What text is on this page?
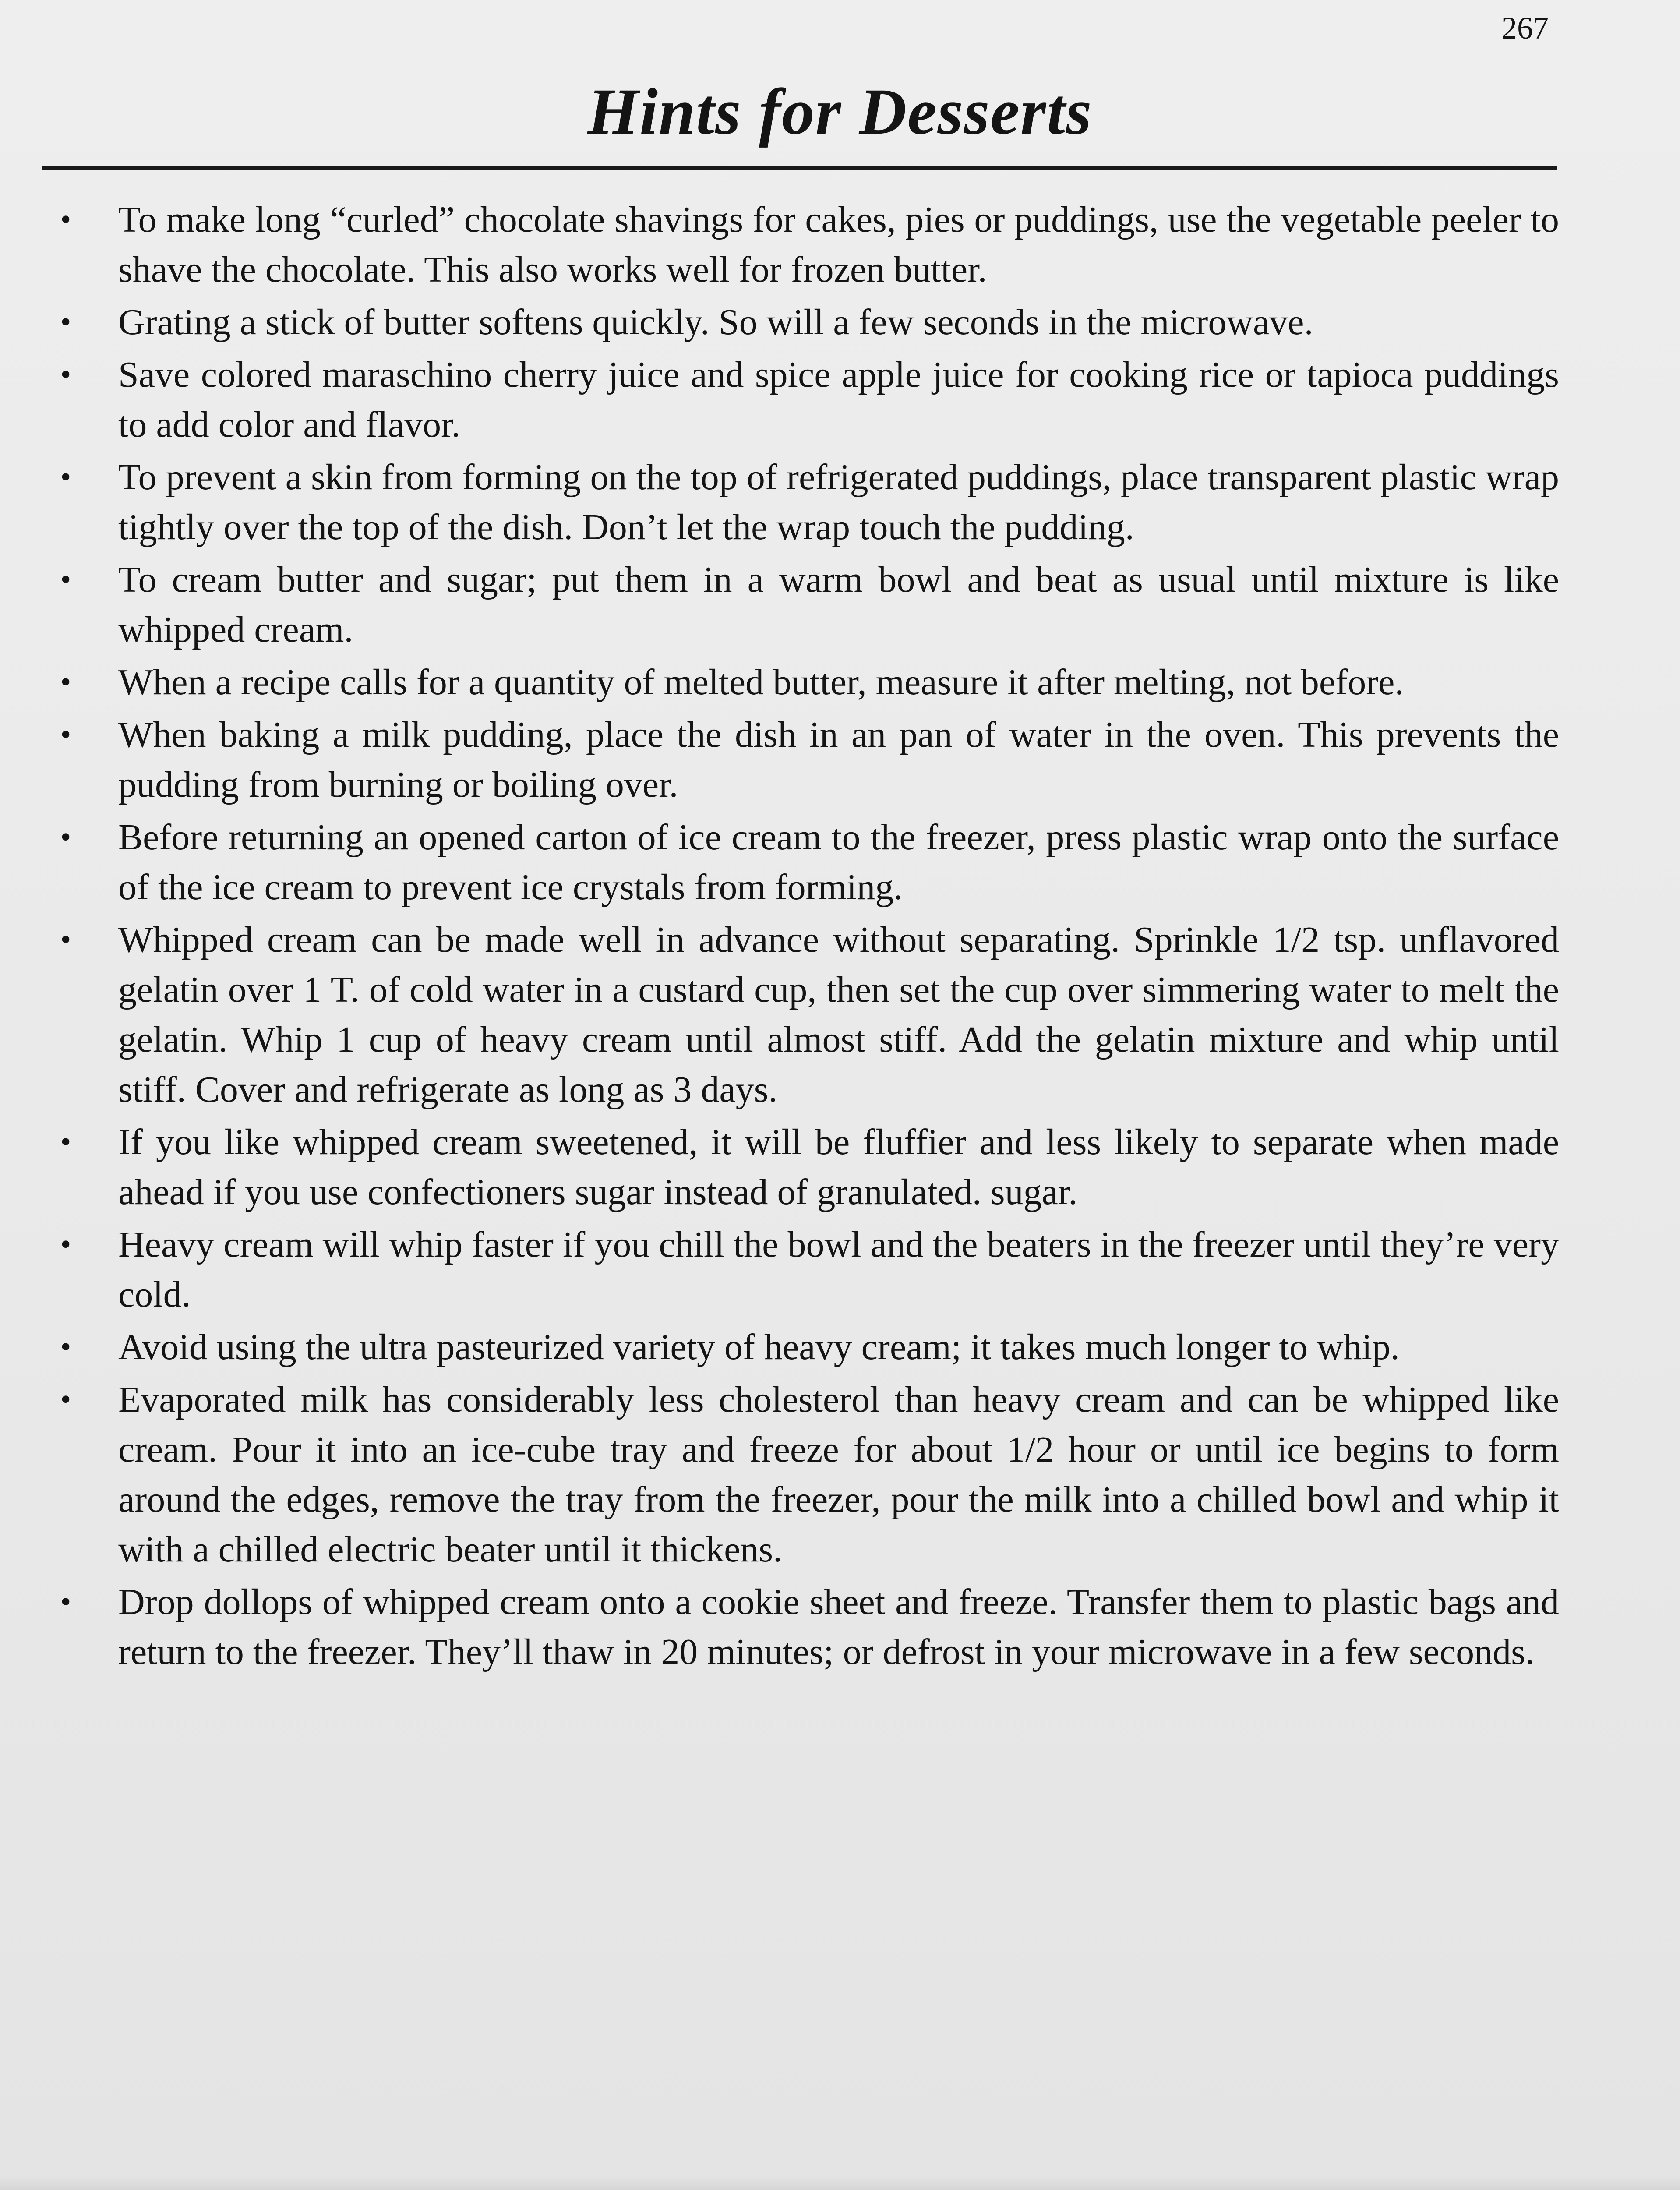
267
Hints for Desserts
• To make long “curled” chocolate shavings for cakes, pies or puddings, use the vegetable peeler to shave the chocolate. This also works well for frozen butter.
• Grating a stick of butter softens quickly. So will a few seconds in the microwave.
• Save colored maraschino cherry juice and spice apple juice for cooking rice or tapioca puddings to add color and flavor.
• To prevent a skin from forming on the top of refrigerated puddings, place transparent plastic wrap tightly over the top of the dish. Don’t let the wrap touch the pudding.
• To cream butter and sugar; put them in a warm bowl and beat as usual until mixture is like whipped cream.
• When a recipe calls for a quantity of melted butter, measure it after melting, not before.
• When baking a milk pudding, place the dish in an pan of water in the oven. This prevents the pudding from burning or boiling over.
• Before returning an opened carton of ice cream to the freezer, press plastic wrap onto the surface of the ice cream to prevent ice crystals from forming.
• Whipped cream can be made well in advance without separating. Sprinkle 1/2 tsp. unflavored gelatin over 1 T. of cold water in a custard cup, then set the cup over simmering water to melt the gelatin. Whip 1 cup of heavy cream until almost stiff. Add the gelatin mixture and whip until stiff. Cover and refrigerate as long as 3 days.
• If you like whipped cream sweetened, it will be fluffier and less likely to separate when made ahead if you use confectioners sugar instead of granulated. sugar.
• Heavy cream will whip faster if you chill the bowl and the beaters in the freezer until they’re very cold.
• Avoid using the ultra pasteurized variety of heavy cream; it takes much longer to whip.
• Evaporated milk has considerably less cholesterol than heavy cream and can be whipped like cream. Pour it into an ice-cube tray and freeze for about 1/2 hour or until ice begins to form around the edges, remove the tray from the freezer, pour the milk into a chilled bowl and whip it with a chilled electric beater until it thickens.
• Drop dollops of whipped cream onto a cookie sheet and freeze. Transfer them to plastic bags and return to the freezer. They’ll thaw in 20 minutes; or defrost in your microwave in a few seconds.
